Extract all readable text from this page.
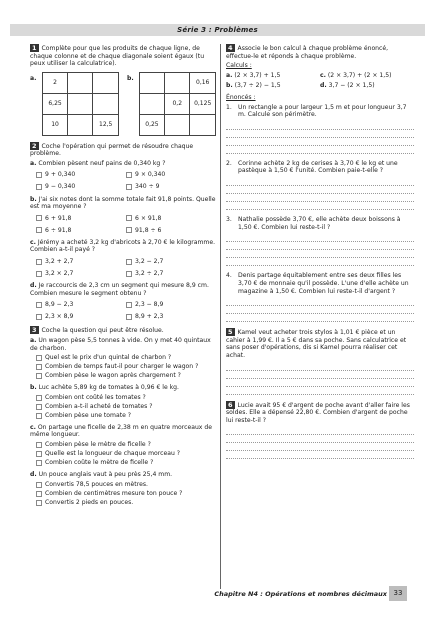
Série 3 : Problèmes

1 Complète pour que les produits de chaque ligne, de chaque colonne et de chaque diagonale soient égaux (tu peux utiliser la calculatrice).

a.
2		
6,25		
10		12,5
b.
		0,16
	0,2	0,125
0,25		

2 Coche l'opération qui permet de résoudre chaque problème.

a. Combien pèsent neuf pains de 0,340 kg ?

9 + 0,340	9 × 0,340
9 − 0,340	340 ÷ 9

b. J'ai six notes dont la somme totale fait 91,8 points. Quelle est ma moyenne ?

6 + 91,8	6 × 91,8
6 ÷ 91,8	91,8 ÷ 6

c. Jérémy a acheté 3,2 kg d'abricots à 2,70 € le kilogramme. Combien a-t-il payé ?

3,2 + 2,7	3,2 − 2,7
3,2 × 2,7	3,2 ÷ 2,7

d. Je raccourcis de 2,3 cm un segment qui mesure 8,9 cm. Combien mesure le segment obtenu ?

8,9 − 2,3	2,3 − 8,9
2,3 × 8,9	8,9 + 2,3

3 Coche la question qui peut être résolue.

a. Un wagon pèse 5,5 tonnes à vide. On y met 40 quintaux de charbon.

Quel est le prix d'un quintal de charbon ?
Combien de temps faut-il pour charger le wagon ?
Combien pèse le wagon après chargement ?

b. Luc achète 5,89 kg de tomates à 0,96 € le kg.

Combien ont coûté les tomates ?
Combien a-t-il acheté de tomates ?
Combien pèse une tomate ?

c. On partage une ficelle de 2,38 m en quatre morceaux de même longueur.

Combien pèse le mètre de ficelle ?
Quelle est la longueur de chaque morceau ?
Combien coûte le mètre de ficelle ?

d. Un pouce anglais vaut à peu près 25,4 mm.

Convertis 78,5 pouces en mètres.
Combien de centimètres mesure ton pouce ?
Convertis 2 pieds en pouces.

4 Associe le bon calcul à chaque problème énoncé, effectue-le et réponds à chaque problème.

Calculs :

a. (2 × 3,7) + 1,5	c. (2 × 3,7) + (2 × 1,5)
b. (3,7 ÷ 2) − 1,5	d. 3,7 − (2 × 1,5)

Énoncés :

1.	Un rectangle a pour largeur 1,5 m et pour longueur 3,7 m. Calcule son périmètre.
2.	Corinne achète 2 kg de cerises à 3,70 € le kg et une pastèque à 1,50 € l'unité. Combien paie-t-elle ?
3.	Nathalie possède 3,70 €, elle achète deux boissons à 1,50 €. Combien lui reste-t-il ?
4.	Denis partage équitablement entre ses deux filles les 3,70 € de monnaie qu'il possède. L'une d'elle achète un magazine à 1,50 €. Combien lui reste-t-il d'argent ?

5 Kamel veut acheter trois stylos à 1,01 € pièce et un cahier à 1,99 €. Il a 5 € dans sa poche. Sans calculatrice et sans poser d'opérations, dis si Kamel pourra réaliser cet achat.

6 Lucie avait 95 € d'argent de poche avant d'aller faire les soldes. Elle a dépensé 22,80 €. Combien d'argent de poche lui reste-t-il ?

Chapitre N4 : Opérations et nombres décimaux 33
